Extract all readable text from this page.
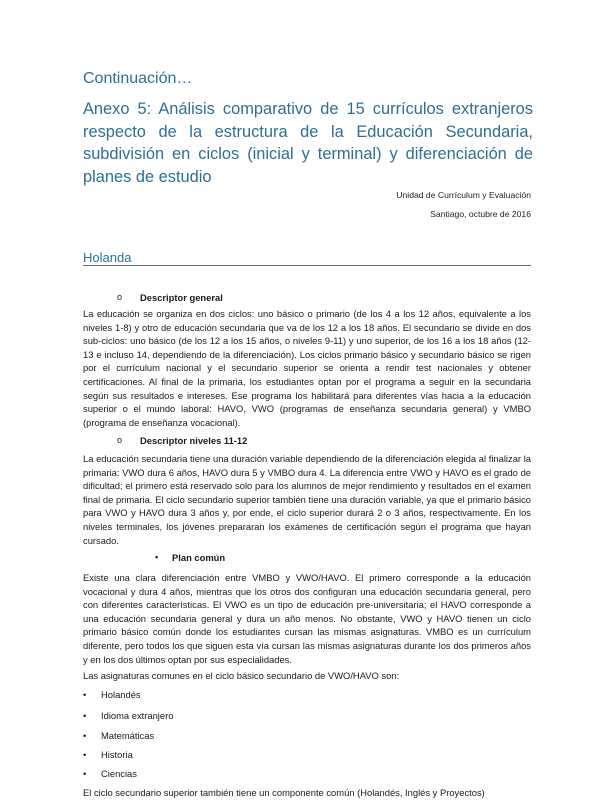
Continuación…
Anexo 5: Análisis comparativo de 15 currículos extranjeros respecto de la estructura de la Educación Secundaria, subdivisión en ciclos (inicial y terminal) y diferenciación de planes de estudio
Unidad de Currículum y Evaluación
Santiago, octubre de 2016
Holanda
o Descriptor general
La educación se organiza en dos ciclos: uno básico o primario (de los 4 a los 12 años, equivalente a los niveles 1-8) y otro de educación secundaria que va de los 12 a los 18 años. El secundario se divide en dos sub-ciclos: uno básico (de los 12 a los 15 años, o niveles 9-11) y uno superior, de los 16 a los 18 años (12-13 e incluso 14, dependiendo de la diferenciación). Los ciclos primario básico y secundario básico se rigen por el currículum nacional y el secundario superior se orienta a rendir test nacionales y obtener certificaciones. Al final de la primaria, los estudiantes optan por el programa a seguir en la secundaria según sus resultados e intereses. Ese programa los habilitará para diferentes vías hacia a la educación superior o el mundo laboral: HAVO, VWO (programas de enseñanza secundaria general) y VMBO (programa de enseñanza vocacional).
o Descriptor niveles 11-12
La educación secundaria tiene una duración variable dependiendo de la diferenciación elegida al finalizar la primaria: VWO dura 6 años, HAVO dura 5 y VMBO dura 4. La diferencia entre VWO y HAVO es el grado de dificultad; el primero está reservado solo para los alumnos de mejor rendimiento y resultados en el examen final de primaria. El ciclo secundario superior también tiene una duración variable, ya que el primario básico para VWO y HAVO dura 3 años y, por ende, el ciclo superior durará 2 o 3 años, respectivamente. En los niveles terminales, los jóvenes prepararan los exámenes de certificación según el programa que hayan cursado.
▪ Plan común
Existe una clara diferenciación entre VMBO y VWO/HAVO. El primero corresponde a la educación vocacional y dura 4 años, mientras que los otros dos configuran una educación secundaria general, pero con diferentes características. El VWO es un tipo de educación pre-universitaria; el HAVO corresponde a una educación secundaria general y dura un año menos. No obstante, VWO y HAVO tienen un ciclo primario básico común donde los estudiantes cursan las mismas asignaturas. VMBO es un currículum diferente, pero todos los que siguen esta vía cursan las mismas asignaturas durante los dos primeros años y en los dos últimos optan por sus especialidades.
Las asignaturas comunes en el ciclo básico secundario de VWO/HAVO son:
• Holandés
• Idioma extranjero
• Matemáticas
• Historia
• Ciencias
El ciclo secundario superior también tiene un componente común (Holandés, Inglés y Proyectos)
